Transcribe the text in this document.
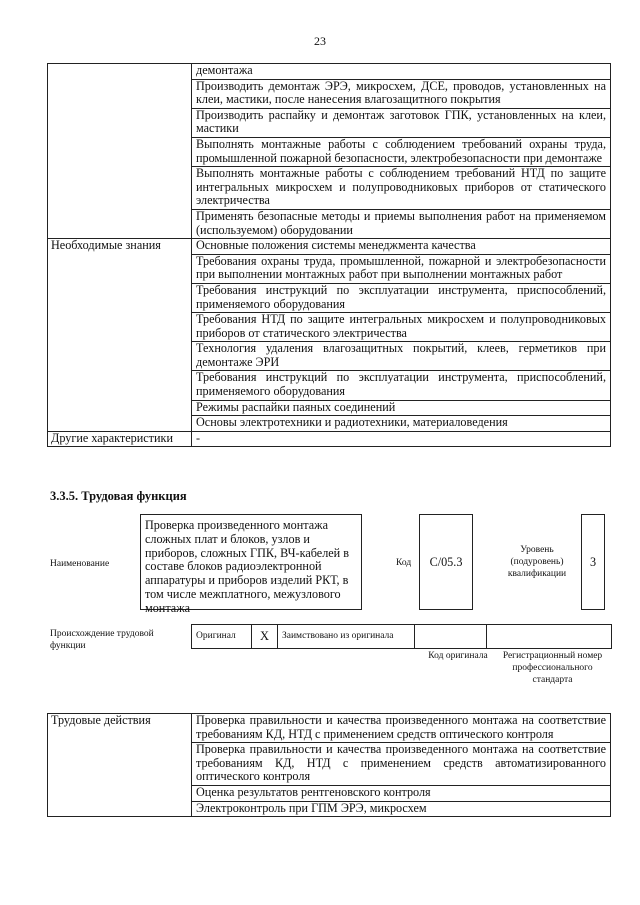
23
	демонтажа
	Производить демонтаж ЭРЭ, микросхем, ДСЕ, проводов, установленных на клеи, мастики, после нанесения влагозащитного покрытия
	Производить распайку и демонтаж заготовок ГПК, установленных на клеи, мастики
	Выполнять монтажные работы с соблюдением требований охраны труда, промышленной пожарной безопасности, электробезопасности при демонтаже
	Выполнять монтажные работы с соблюдением требований НТД по защите интегральных микросхем и полупроводниковых приборов от статического электричества
	Применять безопасные методы и приемы выполнения работ на применяемом (используемом) оборудовании
Необходимые знания	Основные положения системы менеджмента качества
	Требования охраны труда, промышленной, пожарной и электробезопасности при выполнении монтажных работ при выполнении монтажных работ
	Требования инструкций по эксплуатации инструмента, приспособлений, применяемого оборудования
	Требования НТД по защите интегральных микросхем и полупроводниковых приборов от статического электричества
	Технология удаления влагозащитных покрытий, клеев, герметиков при демонтаже ЭРИ
	Требования инструкций по эксплуатации инструмента, приспособлений, применяемого оборудования
	Режимы распайки паяных соединений
	Основы электротехники и радиотехники, материаловедения
Другие характеристики	-
3.3.5. Трудовая функция
Наименование
Проверка произведенного монтажа сложных плат и блоков, узлов и приборов, сложных ГПК, ВЧ-кабелей в составе блоков радиоэлектронной аппаратуры и приборов изделий РКТ, в том числе межплатного, межузлового монтажа
Код C/05.3
Уровень (подуровень) квалификации
3
Происхождение трудовой функции
Оригинал	X	Заимствовано из оригинала		
Код оригинала Регистрационный номер профессионального стандарта
Трудовые действия	Проверка правильности и качества произведенного монтажа на соответствие требованиям КД, НТД с применением средств оптического контроля
Проверка правильности и качества произведенного монтажа на соответствие требованиям КД, НТД с применением средств автоматизированного оптического контроля
Оценка результатов рентгеновского контроля
Электроконтроль при ГПМ ЭРЭ, микросхем
